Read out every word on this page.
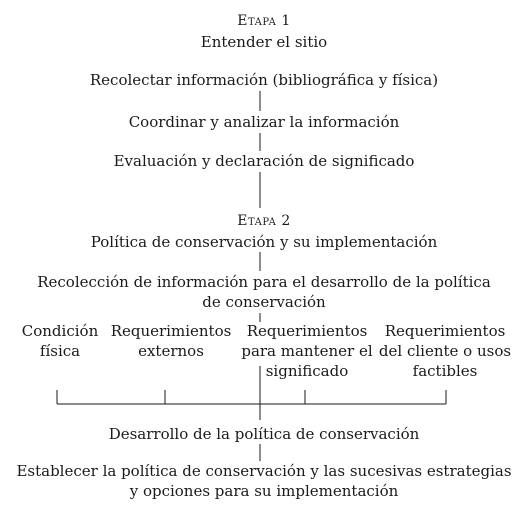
Etapa 1
Entender el sitio
Recolectar información (bibliográfica y física)
Coordinar y analizar la información
Evaluación y declaración de significado
Etapa 2
Política de conservación y su implementación
Recolección de información para el desarrollo de la política
de conservación
Condición
física
Requerimientos
externos
Requerimientos
para mantener el
significado
Requerimientos
del cliente o usos
factibles
Desarrollo de la política de conservación
Establecer la política de conservación y las sucesivas estrategias
y opciones para su implementación
